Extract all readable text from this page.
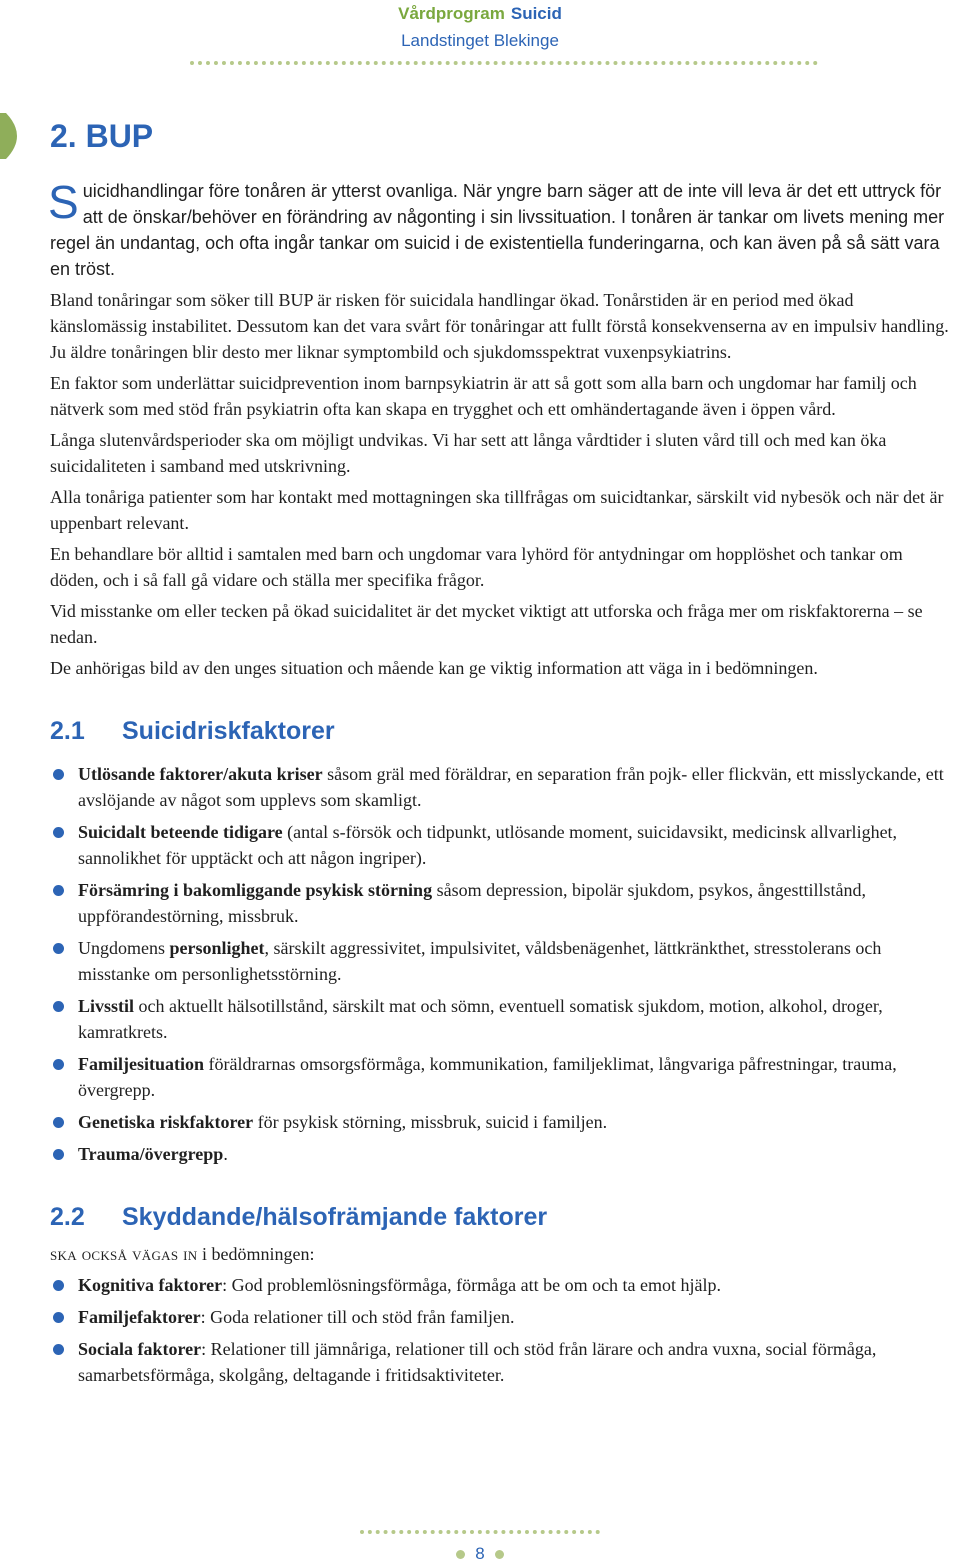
Vårdprogram Suicid
Landstinget Blekinge
2. BUP

Suicidhandlingar före tonåren är ytterst ovanliga. När yngre barn säger att de inte vill leva är det ett uttryck för att de önskar/behöver en förändring av någonting i sin livssituation. I tonåren är tankar om livets mening mer regel än undantag, och ofta ingår tankar om suicid i de existentiella funderingarna, och kan även på så sätt vara en tröst.

Bland tonåringar som söker till BUP är risken för suicidala handlingar ökad. Tonårstiden är en period med ökad känslomässig instabilitet. Dessutom kan det vara svårt för tonåringar att fullt förstå konsekvenserna av en impulsiv handling. Ju äldre tonåringen blir desto mer liknar symptombild och sjukdomsspektrat vuxenpsykiatrins.

En faktor som underlättar suicidprevention inom barnpsykiatrin är att så gott som alla barn och ungdomar har familj och nätverk som med stöd från psykiatrin ofta kan skapa en trygghet och ett omhändertagande även i öppen vård.

Långa slutenvårdsperioder ska om möjligt undvikas. Vi har sett att långa vårdtider i sluten vård till och med kan öka suicidaliteten i samband med utskrivning.

Alla tonåriga patienter som har kontakt med mottagningen ska tillfrågas om suicidtankar, särskilt vid nybesök och när det är uppenbart relevant.

En behandlare bör alltid i samtalen med barn och ungdomar vara lyhörd för antydningar om hopplöshet och tankar om döden, och i så fall gå vidare och ställa mer specifika frågor.

Vid misstanke om eller tecken på ökad suicidalitet är det mycket viktigt att utforska och fråga mer om riskfaktorerna – se nedan.

De anhörigas bild av den unges situation och mående kan ge viktig information att väga in i bedömningen.

2.1 Suicidriskfaktorer
Utlösande faktorer/akuta kriser såsom gräl med föräldrar, en separation från pojk- eller flickvän, ett misslyckande, ett avslöjande av något som upplevs som skamligt.
Suicidalt beteende tidigare (antal s-försök och tidpunkt, utlösande moment, suicidavsikt, medicinsk allvarlighet, sannolikhet för upptäckt och att någon ingriper).
Försämring i bakomliggande psykisk störning såsom depression, bipolär sjukdom, psykos, ångesttillstånd, uppförandestörning, missbruk.
Ungdomens personlighet, särskilt aggressivitet, impulsivitet, våldsbenägenhet, lättkränkthet, stresstolerans och misstanke om personlighetsstörning.
Livsstil och aktuellt hälsotillstånd, särskilt mat och sömn, eventuell somatisk sjukdom, motion, alkohol, droger, kamratkrets.
Familjesituation föräldrarnas omsorgsförmåga, kommunikation, familjeklimat, långvariga påfrestningar, trauma, övergrepp.
Genetiska riskfaktorer för psykisk störning, missbruk, suicid i familjen.
Trauma/övergrepp.
2.2 Skyddande/hälsofrämjande faktorer

ska också vägas in i bedömningen:

Kognitiva faktorer: God problemlösningsförmåga, förmåga att be om och ta emot hjälp.
Familjefaktorer: Goda relationer till och stöd från familjen.
Sociala faktorer: Relationer till jämnåriga, relationer till och stöd från lärare och andra vuxna, social förmåga, samarbetsförmåga, skolgång, deltagande i fritidsaktiviteter.
8
